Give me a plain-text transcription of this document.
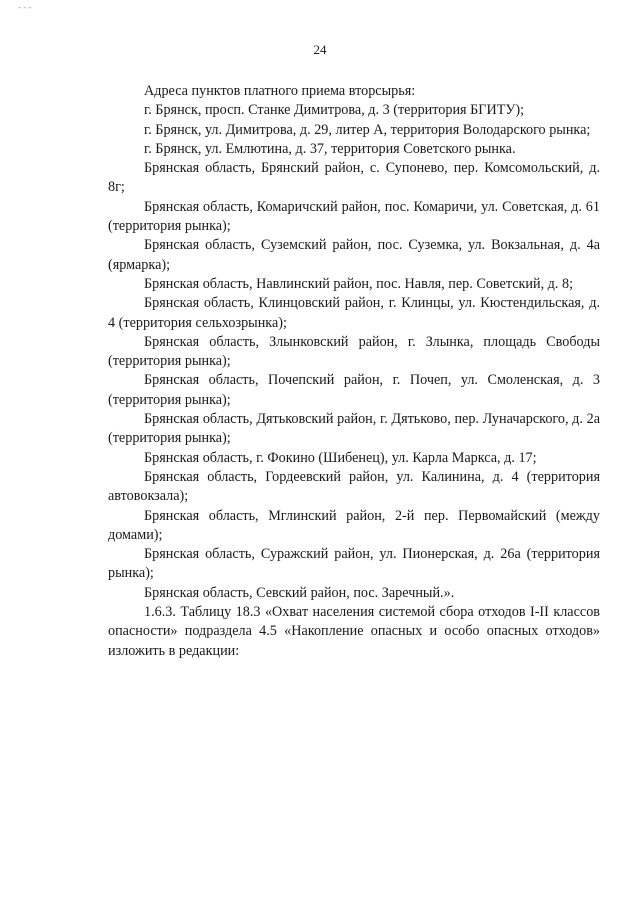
- - -
24

Адреса пунктов платного приема вторсырья:

г. Брянск, просп. Станке Димитрова, д. 3 (территория БГИТУ);

г. Брянск, ул. Димитрова, д. 29, литер А, территория Володарского рынка;

г. Брянск, ул. Емлютина, д. 37, территория Советского рынка.

Брянская область, Брянский район, с. Супонево, пер. Комсомольский, д. 8г;

Брянская область, Комаричский район, пос. Комаричи, ул. Советская, д. 61 (территория рынка);

Брянская область, Суземский район, пос. Суземка, ул. Вокзальная, д. 4а (ярмарка);

Брянская область, Навлинский район, пос. Навля, пер. Советский, д. 8;

Брянская область, Клинцовский район, г. Клинцы, ул. Кюстендильская, д. 4 (территория сельхозрынка);

Брянская область, Злынковский район, г. Злынка, площадь Свободы (территория рынка);

Брянская область, Почепский район, г. Почеп, ул. Смоленская, д. 3 (территория рынка);

Брянская область, Дятьковский район, г. Дятьково, пер. Луначарского, д. 2а (территория рынка);

Брянская область, г. Фокино (Шибенец), ул. Карла Маркса, д. 17;

Брянская область, Гордеевский район, ул. Калинина, д. 4 (территория автовокзала);

Брянская область, Мглинский район, 2-й пер. Первомайский (между домами);

Брянская область, Суражский район, ул. Пионерская, д. 26а (территория рынка);

Брянская область, Севский район, пос. Заречный.».

1.6.3. Таблицу 18.3 «Охват населения системой сбора отходов I-II классов опасности» подраздела 4.5 «Накопление опасных и особо опасных отходов» изложить в редакции:
